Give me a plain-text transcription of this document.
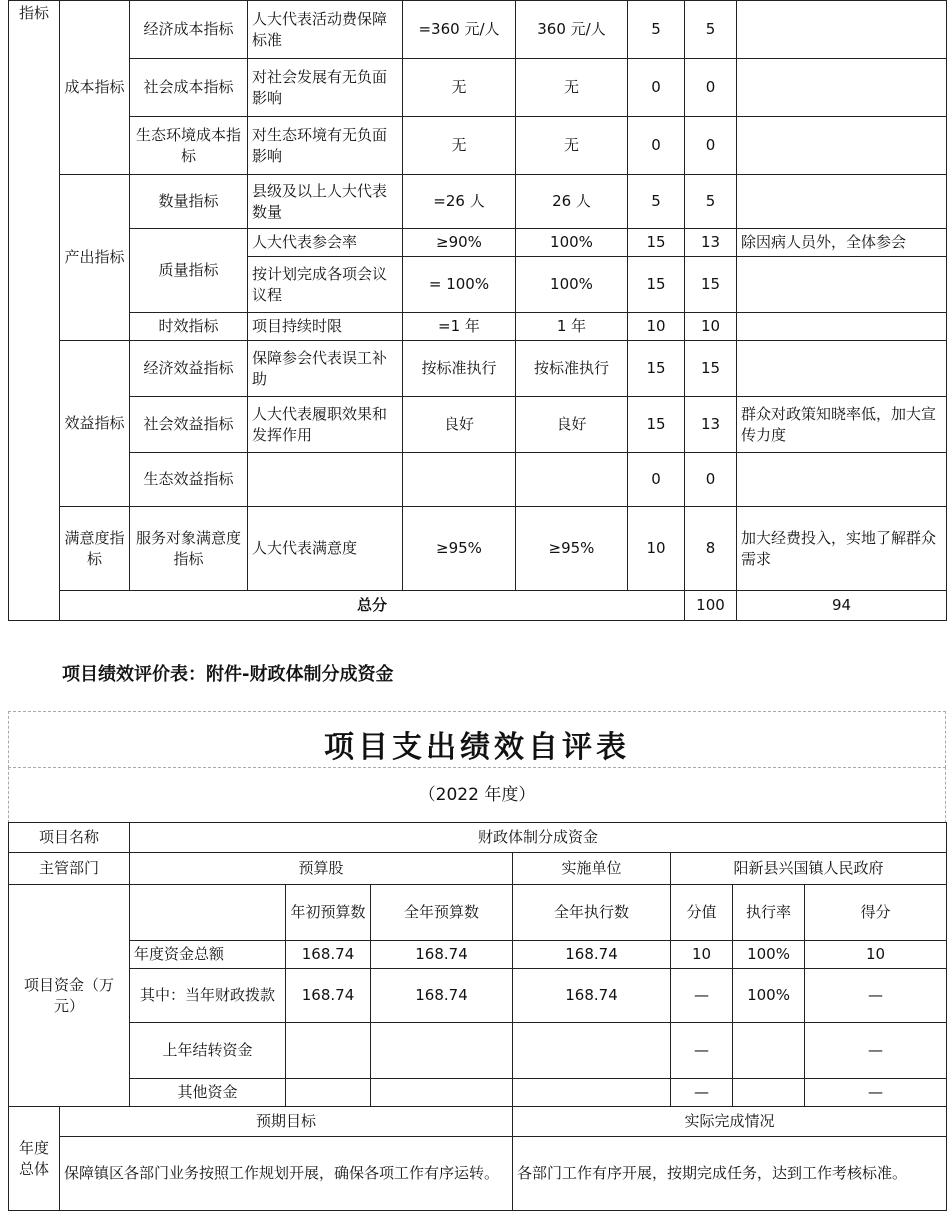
指标	成本指标	经济成本指标	人大代表活动费保障标准	=360 元/人	360 元/人	5	5		
		社会成本指标	对社会发展有无负面影响	无	无	0	0		
		生态环境成本指标	对生态环境有无负面影响	无	无	0	0		
	产出指标	数量指标	县级及以上人大代表数量	=26 人	26 人	5	5		
		质量指标	人大代表参会率	≥90%	100%	15	13	除因病人员外，全体参会	
			按计划完成各项会议议程	= 100%	100%	15	15		
		时效指标	项目持续时限	=1 年	1 年	10	10		
	效益指标	经济效益指标	保障参会代表误工补助	按标准执行	按标准执行	15	15		
		社会效益指标	人大代表履职效果和发挥作用	良好	良好	15	13	群众对政策知晓率低，加大宣传力度	
		生态效益指标				0	0		
	满意度指标	服务对象满意度指标	人大代表满意度	≥95%	≥95%	10	8	加大经费投入，实地了解群众需求	
	总分						100	94	
项目绩效评价表：附件-财政体制分成资金
项目支出绩效自评表
（2022 年度）
项目名称		财政体制分成资金						
主管部门		预算股			实施单位	阳新县兴国镇人民政府		
项目资金（万元）			年初预算数	全年预算数	全年执行数	分值	执行率	得分
		年度资金总额	168.74	168.74	168.74	10	100%	10
		其中：当年财政拨款	168.74	168.74	168.74	—	100%	—
		上年结转资金				—		—
		其他资金				—		—
年度总体	预期目标				实际完成情况			
	保障镇区各部门业务按照工作规划开展，确保各项工作有序运转。				各部门工作有序开展，按期完成任务，达到工作考核标准。			
